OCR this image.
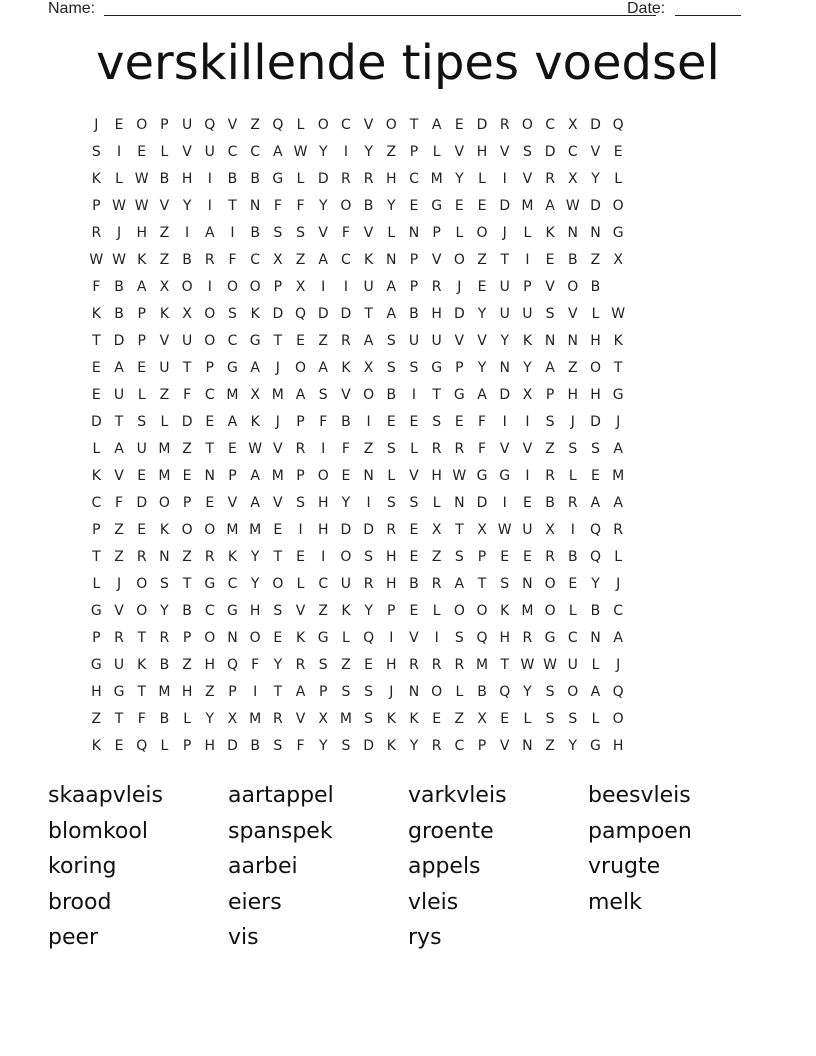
Name:	Date:
verskillende tipes voedsel
J	E O P U Q V Z Q L O C V O T A E D R O C X D Q
S	I	E	L V U C C A W Y	I	Y Z P	L V H V S D C V E
K	L W B H	I	B B G L D R R H C M Y	L	I	V R X Y	L
P W W V Y	I	T N F	F	Y O B Y E G E E D M A W D O
R	J	H Z	I	A	I	B S S V F V	L N P	L O	J	L	K N N G
W W K Z B R F C X Z A C K N P V O Z T	I	E B Z X
F B A X O	I	O O P X	I	I	U A P R	J	E U P V O B
K B P K X O S K D Q D D T A B H D Y U U S V	L W
T D P V U O C G T E Z R A S U U V V Y K N N H K
E A E U T	P G A	J	O A K X S S G P	Y N Y A Z O T
E U L Z F C M X M A S V O B	I	T G A D X P H H G
D T S	L D E A K	J	P	F B	I	E E S E	F	I	I	S	J	D	J
L A U M Z T E W V R	I	F Z S	L R R F V V Z S S A
K V E M E N P A M P O E N L V H W G G	I	R L	E M
C F D O P	E V A V S H Y	I	S S	L N D	I	E B R A A
P Z E K O O M M E	I	H D D R E X T X W U X	I	Q R
T Z R N Z R K Y	T E	I	O S H E Z S	P	E E R B Q L
L	J	O S T G C Y O L C U R H B R A T S N O E Y	J
G V O Y B C G H S V Z K Y	P	E	L O O K M O L B C
P R T R P O N O E K G L Q	I	V	I	S Q H R G C N A
G U K B Z H Q F	Y R S Z E H R R R M T W W U L	J
H G T M H Z P	I	T A P	S S	J	N O L B Q Y S O A Q
Z T	F B L	Y X M R V X M S K K E Z X E	L	S S	L O
K E Q L	P H D B S	F	Y S D K Y R C P V N Z Y G H
skaapvleis	aartappel	varkvleis	beesvleis
blomkool	spanspek	groente	pampoen
koring	aarbei	appels	vrugte
brood	eiers	vleis	melk
peer	vis	rys
